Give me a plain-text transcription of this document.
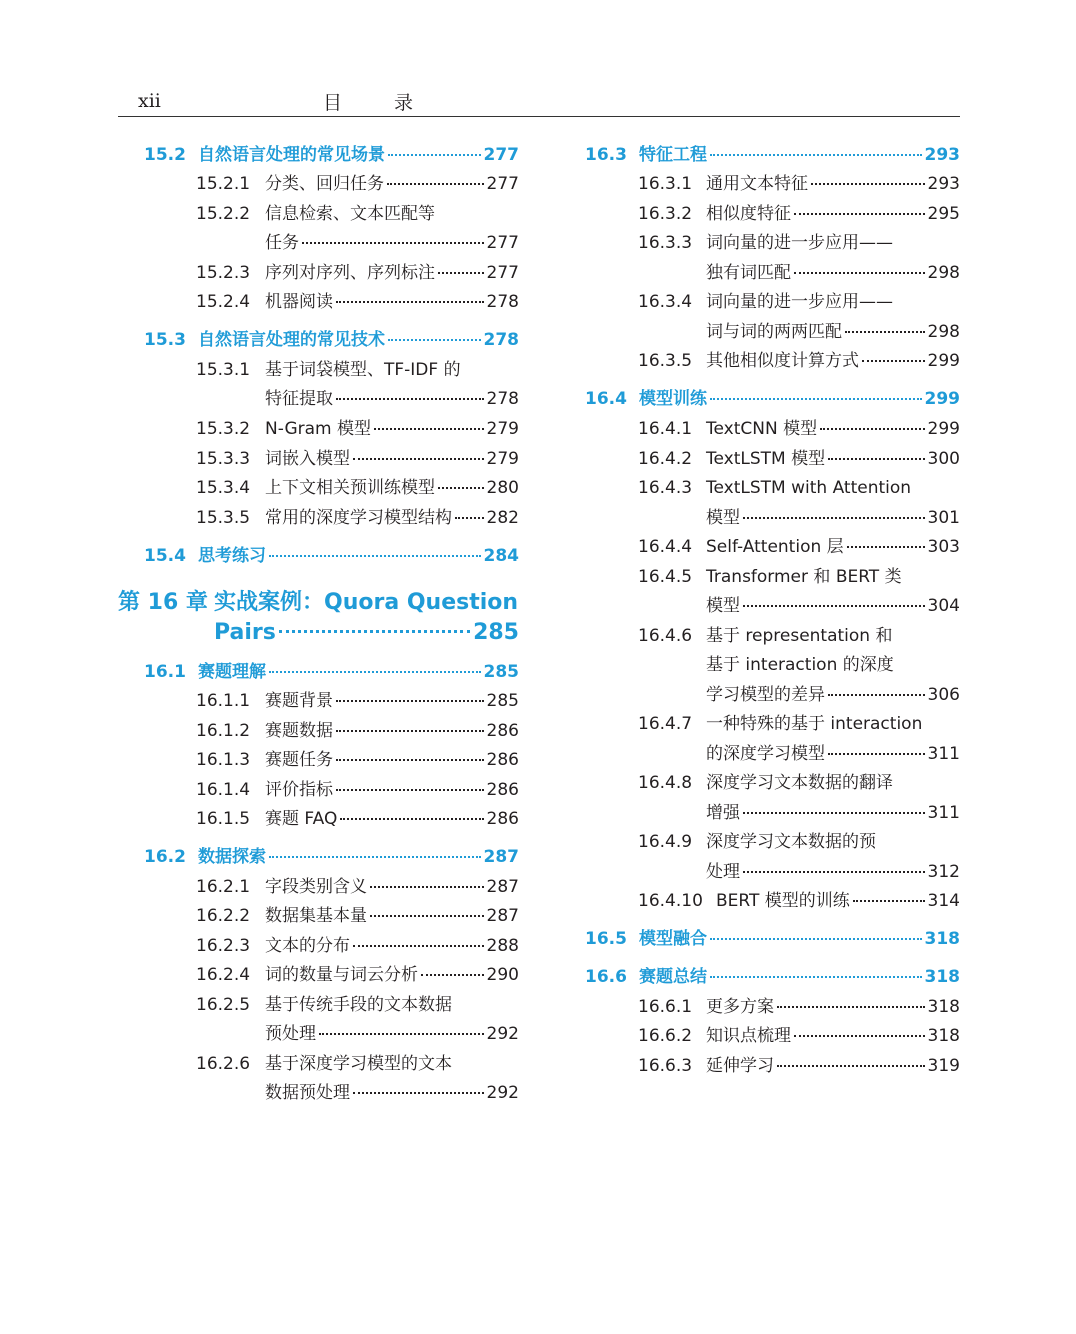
xii	目录
15.2 自然语言处理的常见场景	277
15.2.1 分类、回归任务	277
15.2.2 信息检索、文本匹配等
任务	277
15.2.3 序列对序列、序列标注	277
15.2.4 机器阅读	278
15.3 自然语言处理的常见技术	278
15.3.1 基于词袋模型、TF-IDF 的
特征提取	278
15.3.2 N-Gram 模型	279
15.3.3 词嵌入模型	279
15.3.4 上下文相关预训练模型	280
15.3.5 常用的深度学习模型结构 282
15.4 思考练习	284
第 16 章 实战案例：Quora Question
Pairs	285
16.1 赛题理解	285
16.1.1 赛题背景	285
16.1.2 赛题数据	286
16.1.3 赛题任务	286
16.1.4 评价指标	286
16.1.5 赛题 FAQ	286
16.2 数据探索	287
16.2.1 字段类别含义	287
16.2.2 数据集基本量	287
16.2.3 文本的分布	288
16.2.4 词的数量与词云分析	290
16.2.5 基于传统手段的文本数据
预处理	292
16.2.6 基于深度学习模型的文本
数据预处理	292
16.3 特征工程	293
16.3.1 通用文本特征	293
16.3.2 相似度特征	295
16.3.3 词向量的进一步应用——
独有词匹配	298
16.3.4 词向量的进一步应用——
词与词的两两匹配	298
16.3.5 其他相似度计算方式	299
16.4 模型训练	299
16.4.1 TextCNN 模型	299
16.4.2 TextLSTM 模型	300
16.4.3 TextLSTM with Attention
模型	301
16.4.4 Self-Attention 层	303
16.4.5 Transformer 和 BERT 类
模型	304
16.4.6 基于 representation 和
基于 interaction 的深度
学习模型的差异	306
16.4.7 一种特殊的基于 interaction
的深度学习模型	311
16.4.8 深度学习文本数据的翻译
增强	311
16.4.9 深度学习文本数据的预
处理	312
16.4.10 BERT 模型的训练	314
16.5 模型融合	318
16.6 赛题总结	318
16.6.1 更多方案	318
16.6.2 知识点梳理	318
16.6.3 延伸学习	319
